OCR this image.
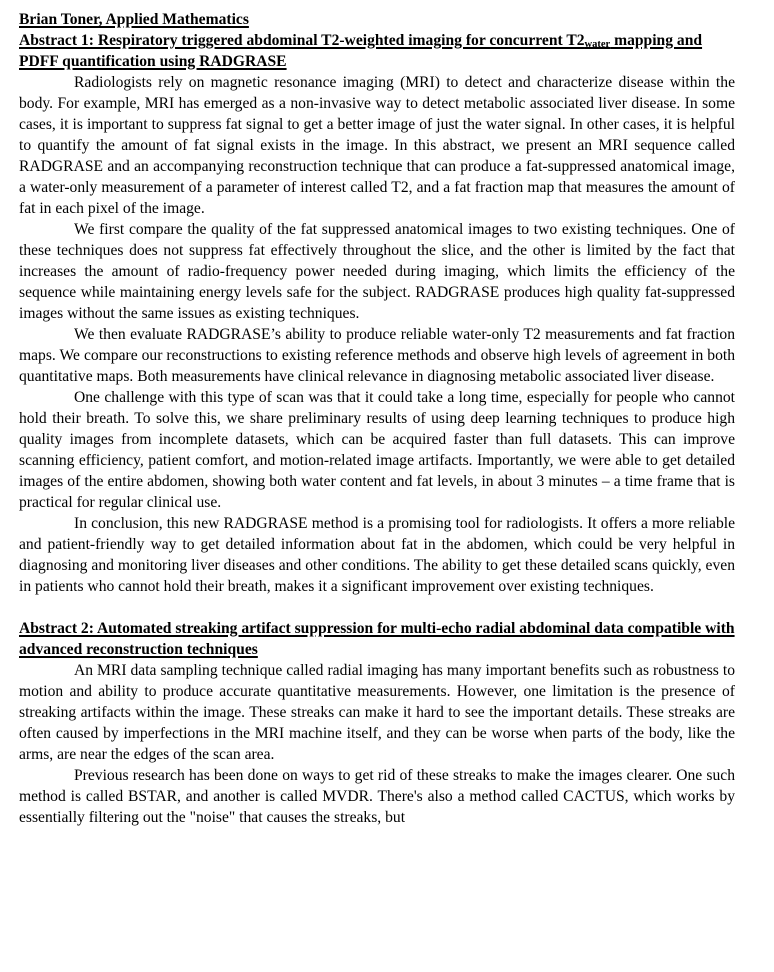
Brian Toner, Applied Mathematics
Abstract 1: Respiratory triggered abdominal T2-weighted imaging for concurrent T2water mapping and PDFF quantification using RADGRASE

Radiologists rely on magnetic resonance imaging (MRI) to detect and characterize disease within the body. For example, MRI has emerged as a non-invasive way to detect metabolic associated liver disease. In some cases, it is important to suppress fat signal to get a better image of just the water signal. In other cases, it is helpful to quantify the amount of fat signal exists in the image. In this abstract, we present an MRI sequence called RADGRASE and an accompanying reconstruction technique that can produce a fat-suppressed anatomical image, a water-only measurement of a parameter of interest called T2, and a fat fraction map that measures the amount of fat in each pixel of the image.

We first compare the quality of the fat suppressed anatomical images to two existing techniques. One of these techniques does not suppress fat effectively throughout the slice, and the other is limited by the fact that increases the amount of radio-frequency power needed during imaging, which limits the efficiency of the sequence while maintaining energy levels safe for the subject. RADGRASE produces high quality fat-suppressed images without the same issues as existing techniques.

We then evaluate RADGRASE’s ability to produce reliable water-only T2 measurements and fat fraction maps. We compare our reconstructions to existing reference methods and observe high levels of agreement in both quantitative maps. Both measurements have clinical relevance in diagnosing metabolic associated liver disease.

One challenge with this type of scan was that it could take a long time, especially for people who cannot hold their breath. To solve this, we share preliminary results of using deep learning techniques to produce high quality images from incomplete datasets, which can be acquired faster than full datasets. This can improve scanning efficiency, patient comfort, and motion-related image artifacts. Importantly, we were able to get detailed images of the entire abdomen, showing both water content and fat levels, in about 3 minutes – a time frame that is practical for regular clinical use.

In conclusion, this new RADGRASE method is a promising tool for radiologists. It offers a more reliable and patient-friendly way to get detailed information about fat in the abdomen, which could be very helpful in diagnosing and monitoring liver diseases and other conditions. The ability to get these detailed scans quickly, even in patients who cannot hold their breath, makes it a significant improvement over existing techniques.

Abstract 2: Automated streaking artifact suppression for multi-echo radial abdominal data compatible with advanced reconstruction techniques

An MRI data sampling technique called radial imaging has many important benefits such as robustness to motion and ability to produce accurate quantitative measurements. However, one limitation is the presence of streaking artifacts within the image. These streaks can make it hard to see the important details. These streaks are often caused by imperfections in the MRI machine itself, and they can be worse when parts of the body, like the arms, are near the edges of the scan area.

Previous research has been done on ways to get rid of these streaks to make the images clearer. One such method is called BSTAR, and another is called MVDR. There's also a method called CACTUS, which works by essentially filtering out the "noise" that causes the streaks, but
